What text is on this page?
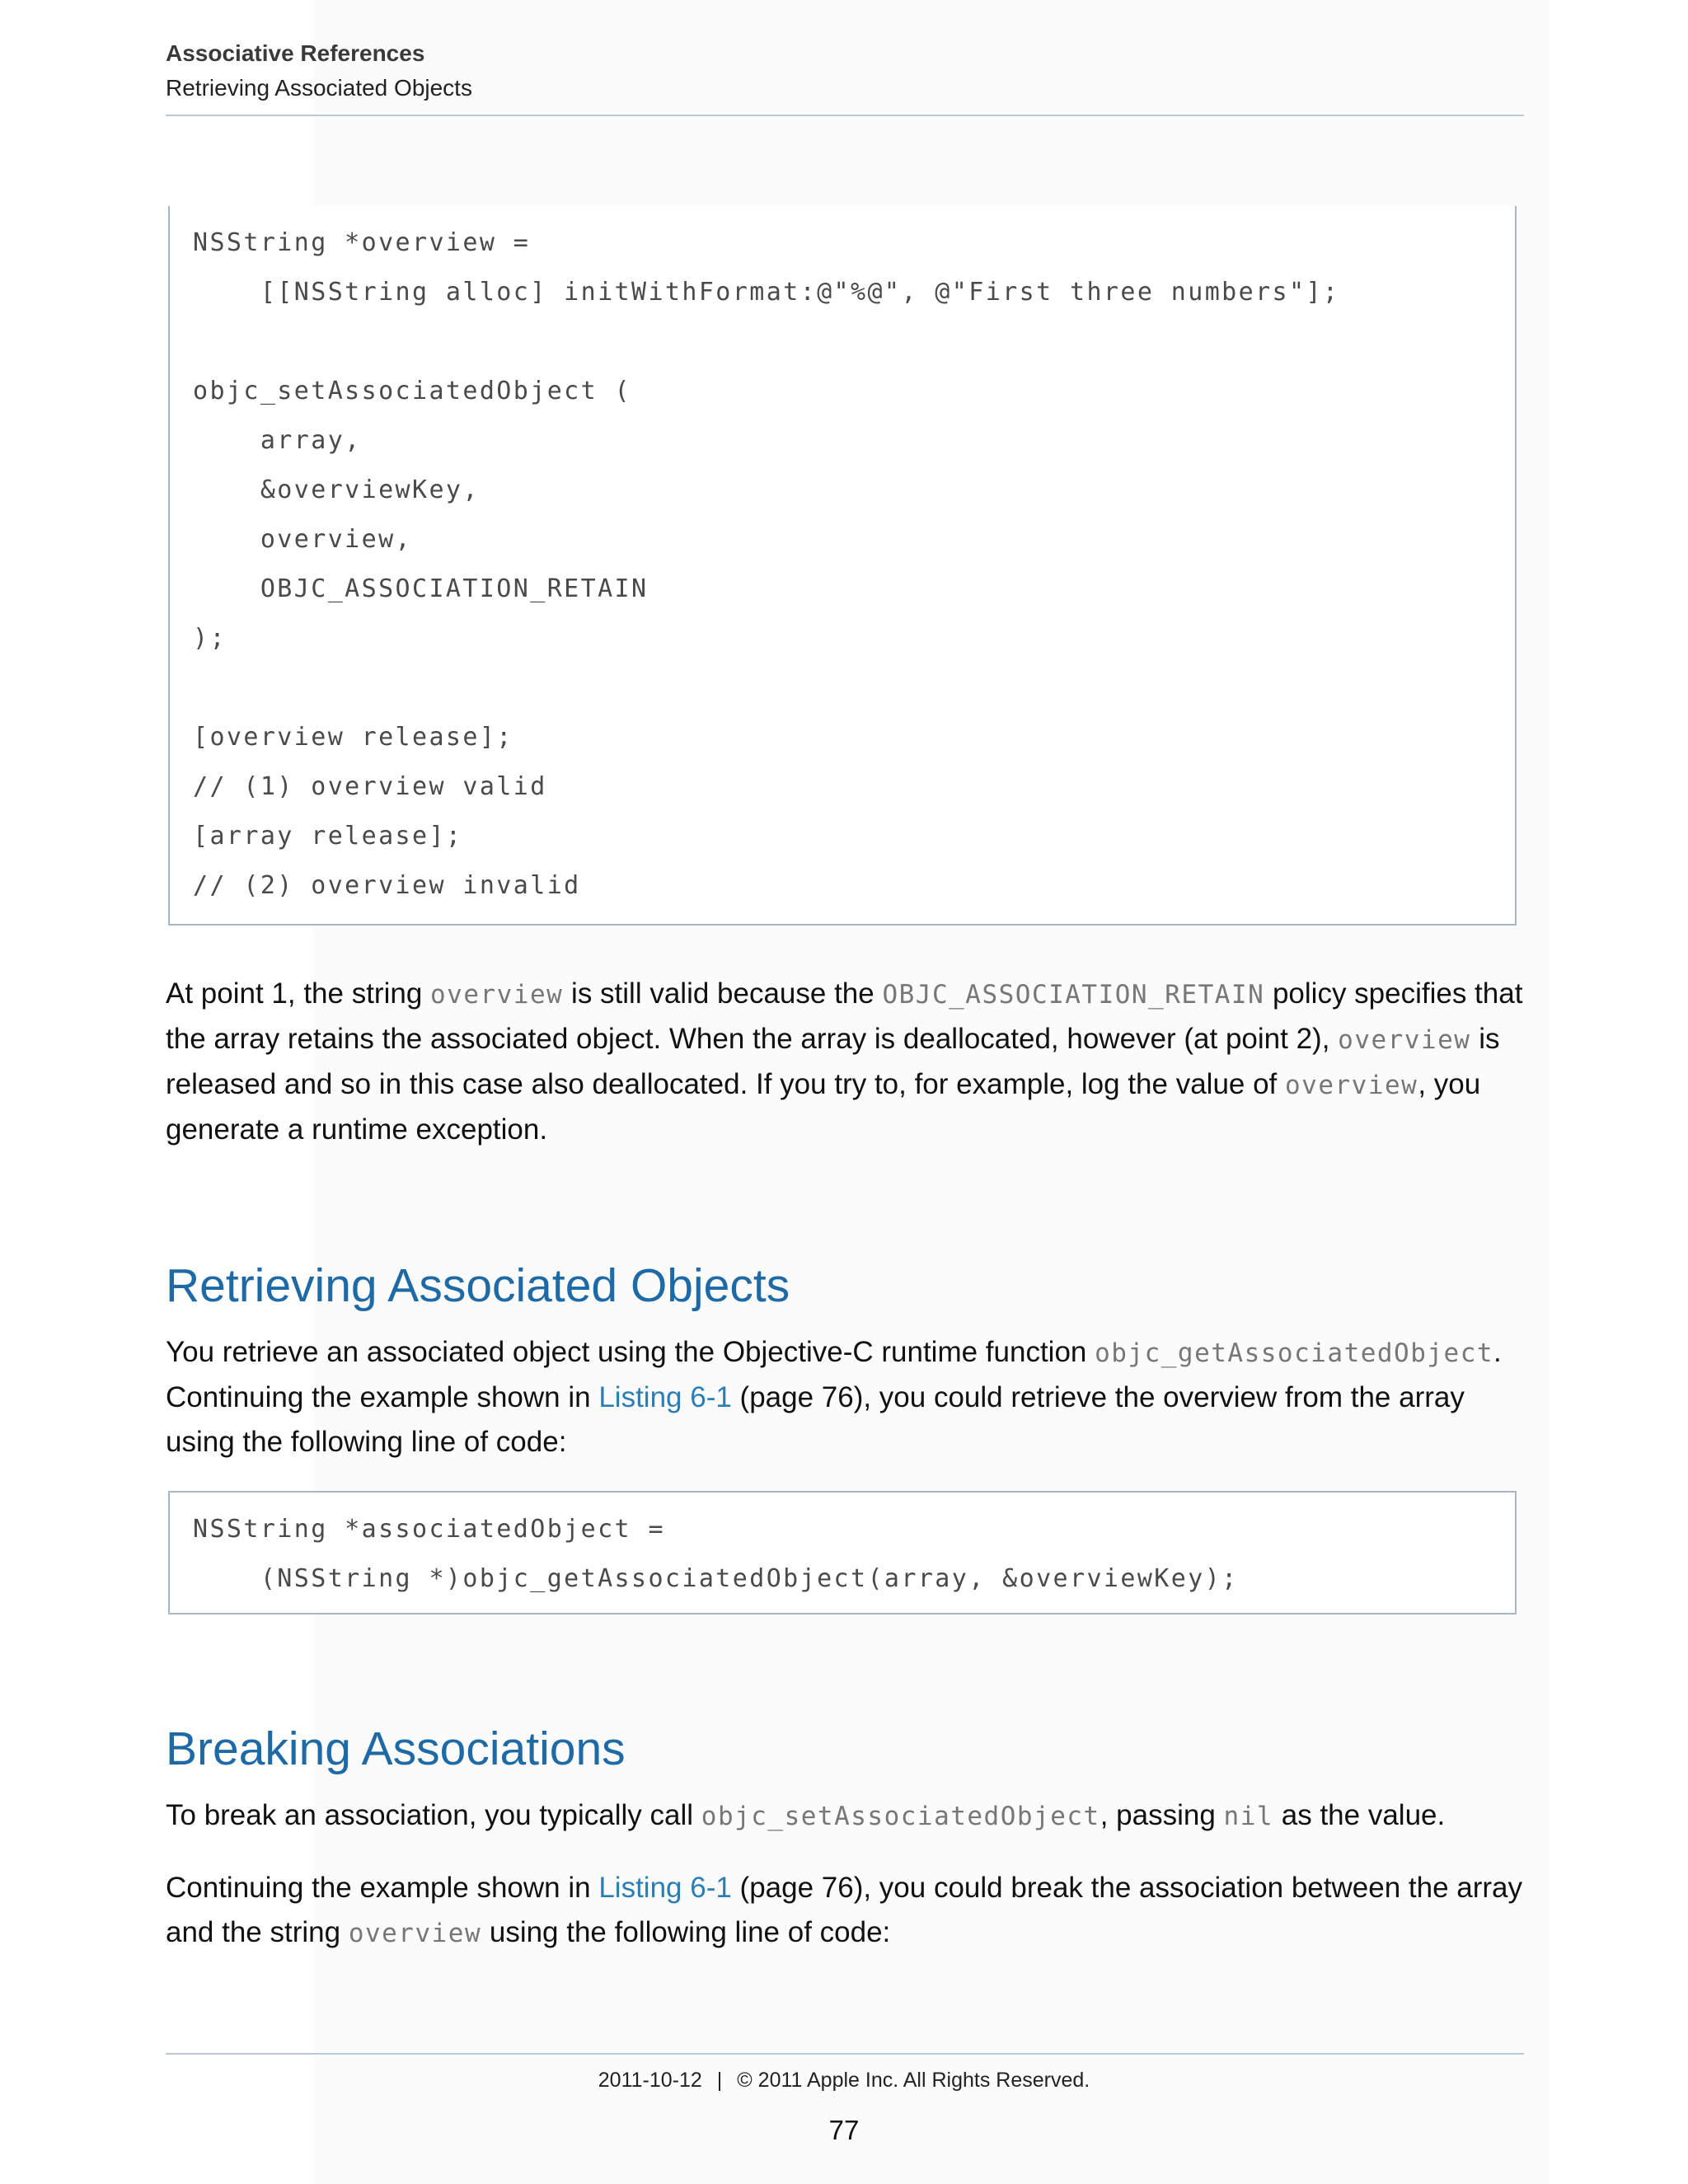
Associative References
Retrieving Associated Objects
NSString *overview =
[[NSString alloc] initWithFormat:@"%@", @"First three numbers"];
objc_setAssociatedObject (
array,
&overviewKey,
overview,
OBJC_ASSOCIATION_RETAIN
);
[overview release];
// (1) overview valid
[array release];
// (2) overview invalid

At point 1, the string overview is still valid because the OBJC_ASSOCIATION_RETAIN policy specifies that the array retains the associated object. When the array is deallocated, however (at point 2), overview is released and so in this case also deallocated. If you try to, for example, log the value of overview, you generate a runtime exception.

Retrieving Associated Objects

You retrieve an associated object using the Objective-C runtime function objc_getAssociatedObject. Continuing the example shown in Listing 6-1 (page 76), you could retrieve the overview from the array using the following line of code:

NSString *associatedObject =
(NSString *)objc_getAssociatedObject(array, &overviewKey);
Breaking Associations

To break an association, you typically call objc_setAssociatedObject, passing nil as the value.

Continuing the example shown in Listing 6-1 (page 76), you could break the association between the array and the string overview using the following line of code:

2011-10-12 | © 2011 Apple Inc. All Rights Reserved.
77
